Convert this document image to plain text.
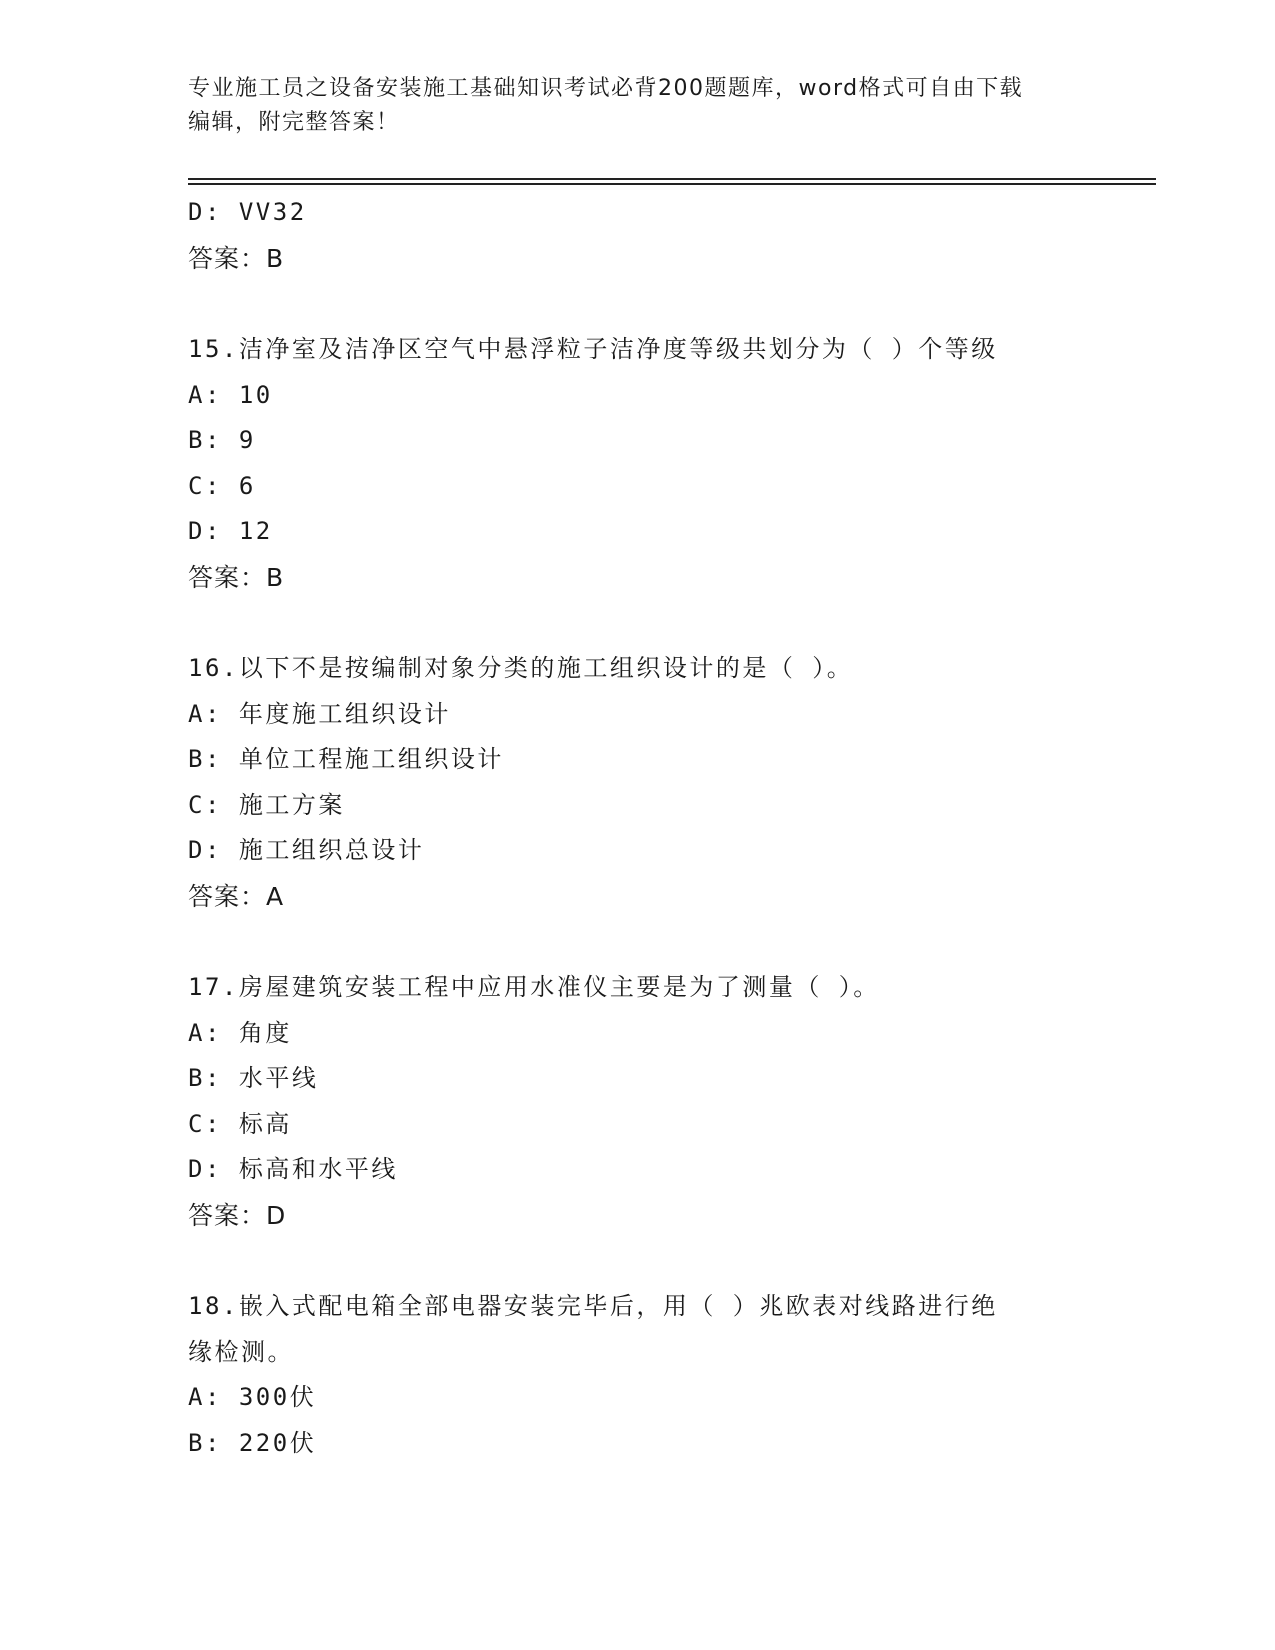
专业施工员之设备安装施工基础知识考试必背200题题库，word格式可自由下载
编辑，附完整答案！
D: VV32
答案：B
15.洁净室及洁净区空气中悬浮粒子洁净度等级共划分为（ ）个等级
A: 10
B: 9
C: 6
D: 12
答案：B
16.以下不是按编制对象分类的施工组织设计的是（ ）。
A: 年度施工组织设计
B: 单位工程施工组织设计
C: 施工方案
D: 施工组织总设计
答案：A
17.房屋建筑安装工程中应用水准仪主要是为了测量（ ）。
A: 角度
B: 水平线
C: 标高
D: 标高和水平线
答案：D
18.嵌入式配电箱全部电器安装完毕后，用（ ）兆欧表对线路进行绝
缘检测。
A: 300伏
B: 220伏
